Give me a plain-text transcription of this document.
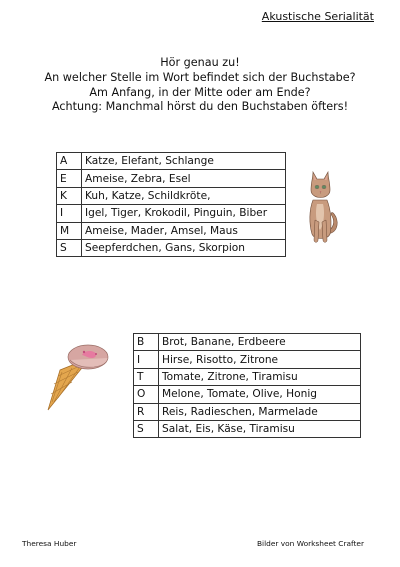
Akustische Serialität
Hör genau zu!
An welcher Stelle im Wort befindet sich der Buchstabe?
Am Anfang, in der Mitte oder am Ende?
Achtung: Manchmal hörst du den Buchstaben öfters!
A	Katze, Elefant, Schlange
E	Ameise, Zebra, Esel
K	Kuh, Katze, Schildkröte,
I	Igel, Tiger, Krokodil, Pinguin, Biber
M	Ameise, Mader, Amsel, Maus
S	Seepferdchen, Gans, Skorpion
B	Brot, Banane, Erdbeere
I	Hirse, Risotto, Zitrone
T	Tomate, Zitrone, Tiramisu
O	Melone, Tomate, Olive, Honig
R	Reis, Radieschen, Marmelade
S	Salat, Eis, Käse, Tiramisu
Theresa Huber	Bilder von Worksheet Crafter
